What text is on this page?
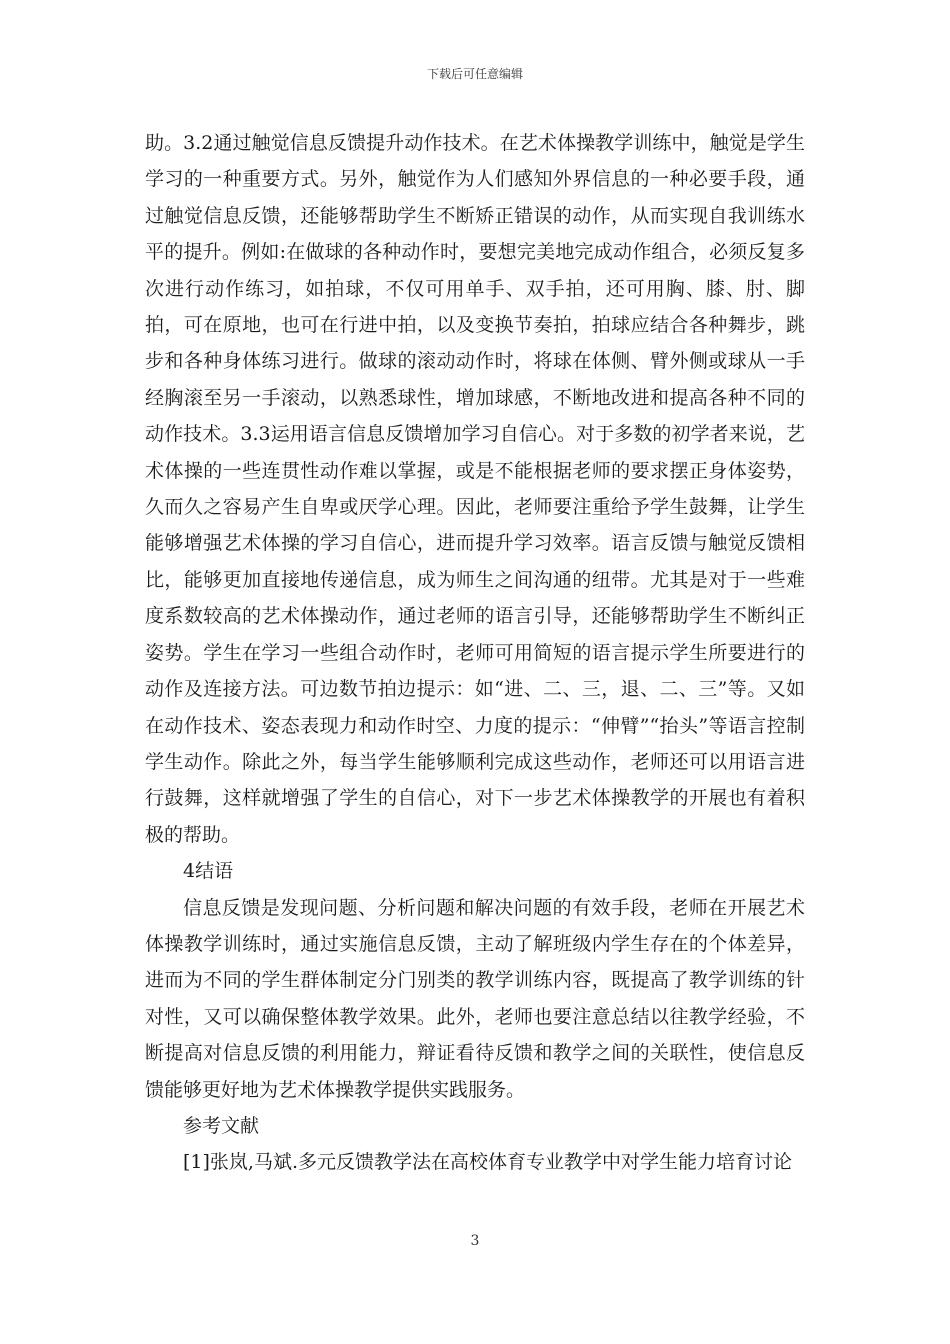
下载后可任意编辑

助。3.2通过触觉信息反馈提升动作技术。在艺术体操教学训练中，触觉是学生学习的一种重要方式。另外，触觉作为人们感知外界信息的一种必要手段，通过触觉信息反馈，还能够帮助学生不断矫正错误的动作，从而实现自我训练水平的提升。例如:在做球的各种动作时，要想完美地完成动作组合，必须反复多次进行动作练习，如拍球，不仅可用单手、双手拍，还可用胸、膝、肘、脚拍，可在原地，也可在行进中拍，以及变换节奏拍，拍球应结合各种舞步，跳步和各种身体练习进行。做球的滚动动作时，将球在体侧、臂外侧或球从一手经胸滚至另一手滚动，以熟悉球性，增加球感，不断地改进和提高各种不同的动作技术。3.3运用语言信息反馈增加学习自信心。对于多数的初学者来说，艺术体操的一些连贯性动作难以掌握，或是不能根据老师的要求摆正身体姿势，久而久之容易产生自卑或厌学心理。因此，老师要注重给予学生鼓舞，让学生能够增强艺术体操的学习自信心，进而提升学习效率。语言反馈与触觉反馈相比，能够更加直接地传递信息，成为师生之间沟通的纽带。尤其是对于一些难度系数较高的艺术体操动作，通过老师的语言引导，还能够帮助学生不断纠正姿势。学生在学习一些组合动作时，老师可用简短的语言提示学生所要进行的动作及连接方法。可边数节拍边提示：如“进、二、三，退、二、三”等。又如在动作技术、姿态表现力和动作时空、力度的提示：“伸臂”“抬头”等语言控制学生动作。除此之外，每当学生能够顺利完成这些动作，老师还可以用语言进行鼓舞，这样就增强了学生的自信心，对下一步艺术体操教学的开展也有着积极的帮助。

4结语

信息反馈是发现问题、分析问题和解决问题的有效手段，老师在开展艺术体操教学训练时，通过实施信息反馈，主动了解班级内学生存在的个体差异，进而为不同的学生群体制定分门别类的教学训练内容，既提高了教学训练的针对性，又可以确保整体教学效果。此外，老师也要注意总结以往教学经验，不断提高对信息反馈的利用能力，辩证看待反馈和教学之间的关联性，使信息反馈能够更好地为艺术体操教学提供实践服务。

参考文献

[1]张岚,马斌.多元反馈教学法在高校体育专业教学中对学生能力培育讨论

3
